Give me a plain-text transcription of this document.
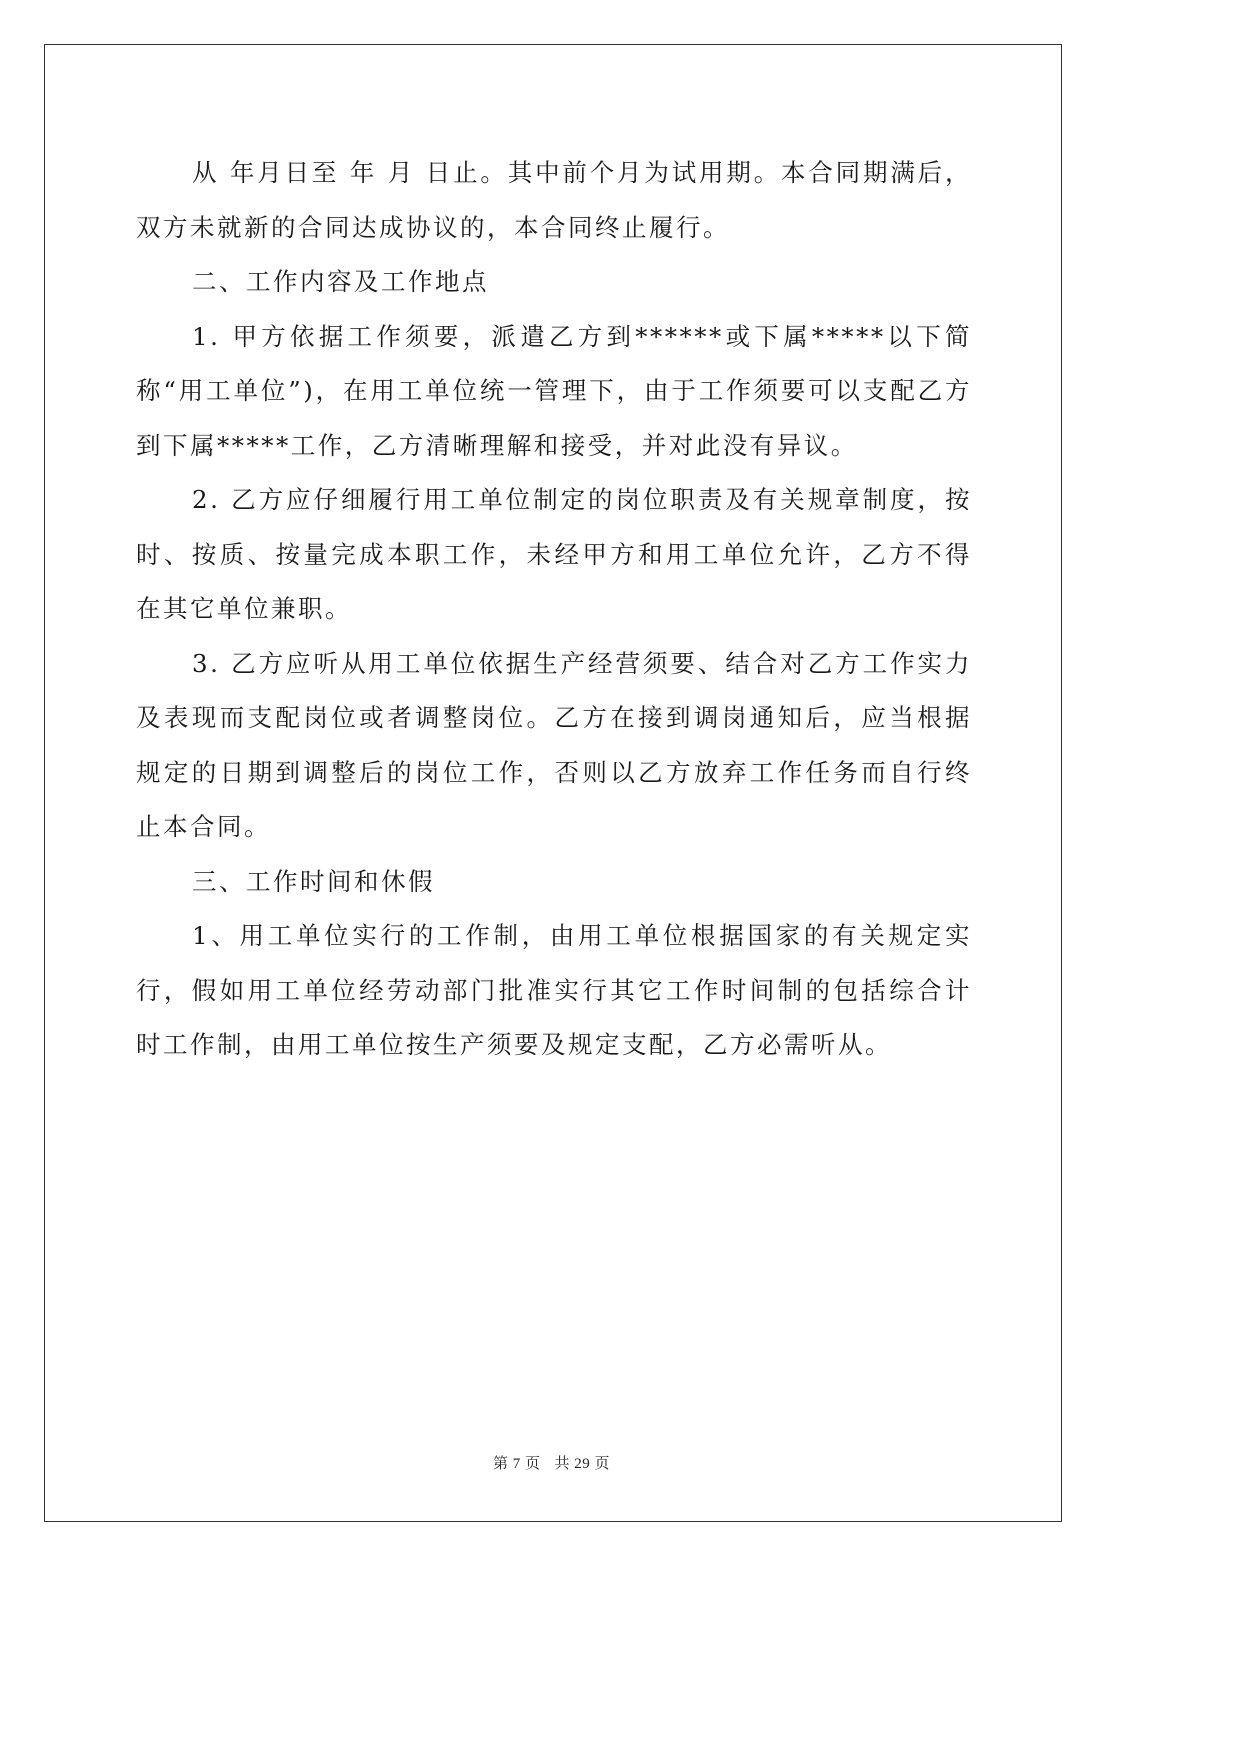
从 年月日至 年 月 日止。其中前个月为试用期。本合同期满后，双方未就新的合同达成协议的，本合同终止履行。

二、工作内容及工作地点

1. 甲方依据工作须要，派遣乙方到******或下属*****以下简称“用工单位”)，在用工单位统一管理下，由于工作须要可以支配乙方到下属*****工作，乙方清晰理解和接受，并对此没有异议。

2. 乙方应仔细履行用工单位制定的岗位职责及有关规章制度，按时、按质、按量完成本职工作，未经甲方和用工单位允许，乙方不得在其它单位兼职。

3. 乙方应听从用工单位依据生产经营须要、结合对乙方工作实力及表现而支配岗位或者调整岗位。乙方在接到调岗通知后，应当根据规定的日期到调整后的岗位工作，否则以乙方放弃工作任务而自行终止本合同。

三、工作时间和休假

1、用工单位实行的工作制，由用工单位根据国家的有关规定实行，假如用工单位经劳动部门批准实行其它工作时间制的包括综合计时工作制，由用工单位按生产须要及规定支配，乙方必需听从。

第 7 页 共 29 页
